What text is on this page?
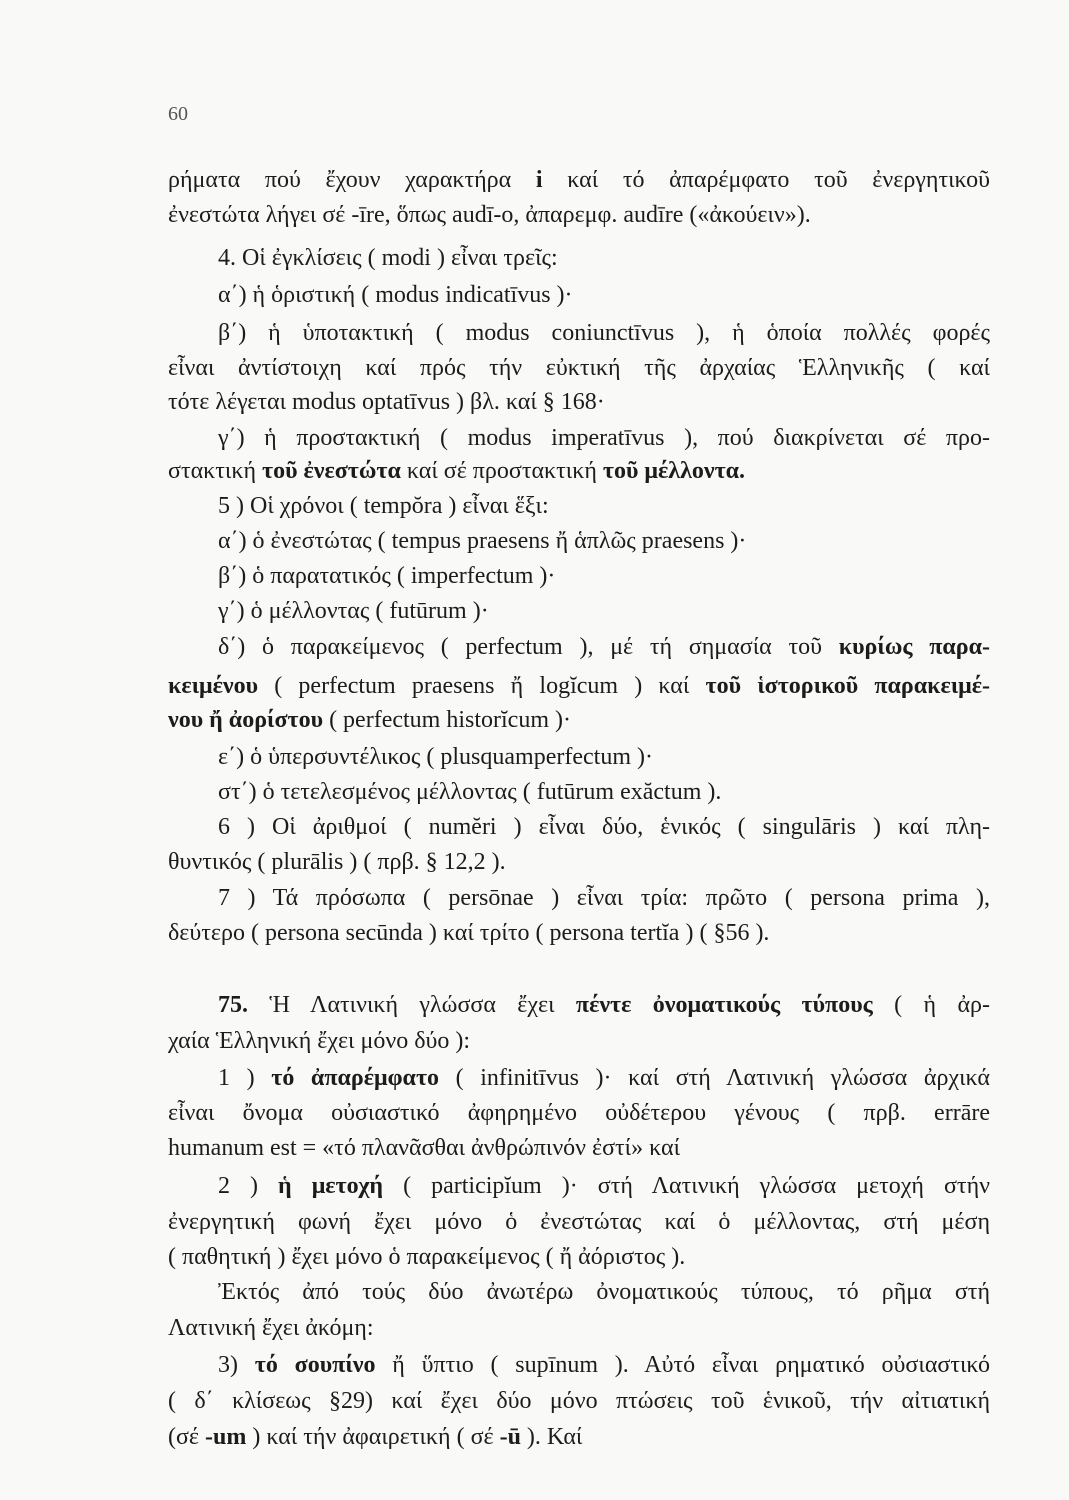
60
ρήματα πού ἔχουν χαρακτήρα i καί τό ἀπαρέμφατο τοῦ ἐνεργητικοῦ
ἐνεστώτα λήγει σέ -īre, ὅπως audī-o, ἀπαρεμφ. audīre («ἀκούειν»).
4. Οἱ ἐγκλίσεις ( modi ) εἶναι τρεῖς:
α΄) ἡ ὁριστική ( modus indicatīvus )·
β΄) ἡ ὑποτακτική ( modus coniunctīvus ), ἡ ὁποία πολλές φορές
εἶναι ἀντίστοιχη καί πρός τήν εὐκτική τῆς ἀρχαίας Ἑλληνικῆς ( καί
τότε λέγεται modus optatīvus ) βλ. καί § 168·
γ΄) ἡ προστακτική ( modus imperatīvus ), πού διακρίνεται σέ προ-
στακτική τοῦ ἐνεστώτα καί σέ προστακτική τοῦ μέλλοντα.
5 ) Οἱ χρόνοι ( tempŏra ) εἶναι ἕξι:
α΄) ὁ ἐνεστώτας ( tempus praesens ἤ ἁπλῶς praesens )·
β΄) ὁ παρατατικός ( imperfectum )·
γ΄) ὁ μέλλοντας ( futūrum )·
δ΄) ὁ παρακείμενος ( perfectum ), μέ τή σημασία τοῦ κυρίως παρα-
κειμένου ( perfectum praesens ἤ logĭcum ) καί τοῦ ἱστορικοῦ παρακειμέ-
νου ἤ ἀορίστου ( perfectum historĭcum )·
ε΄) ὁ ὑπερσυντέλικος ( plusquamperfectum )·
στ΄) ὁ τετελεσμένος μέλλοντας ( futūrum exăctum ).
6 ) Οἱ ἀριθμοί ( numĕri ) εἶναι δύο, ἑνικός ( singulāris ) καί πλη-
θυντικός ( plurālis ) ( πρβ. § 12,2 ).
7 ) Τά πρόσωπα ( persōnae ) εἶναι τρία: πρῶτο ( persona prima ),
δεύτερο ( persona secūnda ) καί τρίτο ( persona tertĭa ) ( §56 ).
75. Ἡ Λατινική γλώσσα ἔχει πέντε ὀνοματικούς τύπους ( ἡ ἀρ-
χαία Ἑλληνική ἔχει μόνο δύο ):
1 ) τό ἀπαρέμφατο ( infinitīvus )· καί στή Λατινική γλώσσα ἀρχικά
εἶναι ὄνομα οὐσιαστικό ἀφηρημένο οὐδέτερου γένους ( πρβ. errāre
humanum est = «τό πλανᾶσθαι ἀνθρώπινόν ἐστί» καί
2 ) ἡ μετοχή ( participĭum )· στή Λατινική γλώσσα μετοχή στήν
ἐνεργητική φωνή ἔχει μόνο ὁ ἐνεστώτας καί ὁ μέλλοντας, στή μέση
( παθητική ) ἔχει μόνο ὁ παρακείμενος ( ἤ ἀόριστος ).
Ἐκτός ἀπό τούς δύο ἀνωτέρω ὀνοματικούς τύπους, τό ρῆμα στή
Λατινική ἔχει ἀκόμη:
3) τό σουπίνο ἤ ὕπτιο ( supīnum ). Αὐτό εἶναι ρηματικό οὐσιαστικό
( δ΄ κλίσεως §29) καί ἔχει δύο μόνο πτώσεις τοῦ ἑνικοῦ, τήν αἰτιατική
(σέ -um ) καί τήν ἀφαιρετική ( σέ -ū ). Καί
